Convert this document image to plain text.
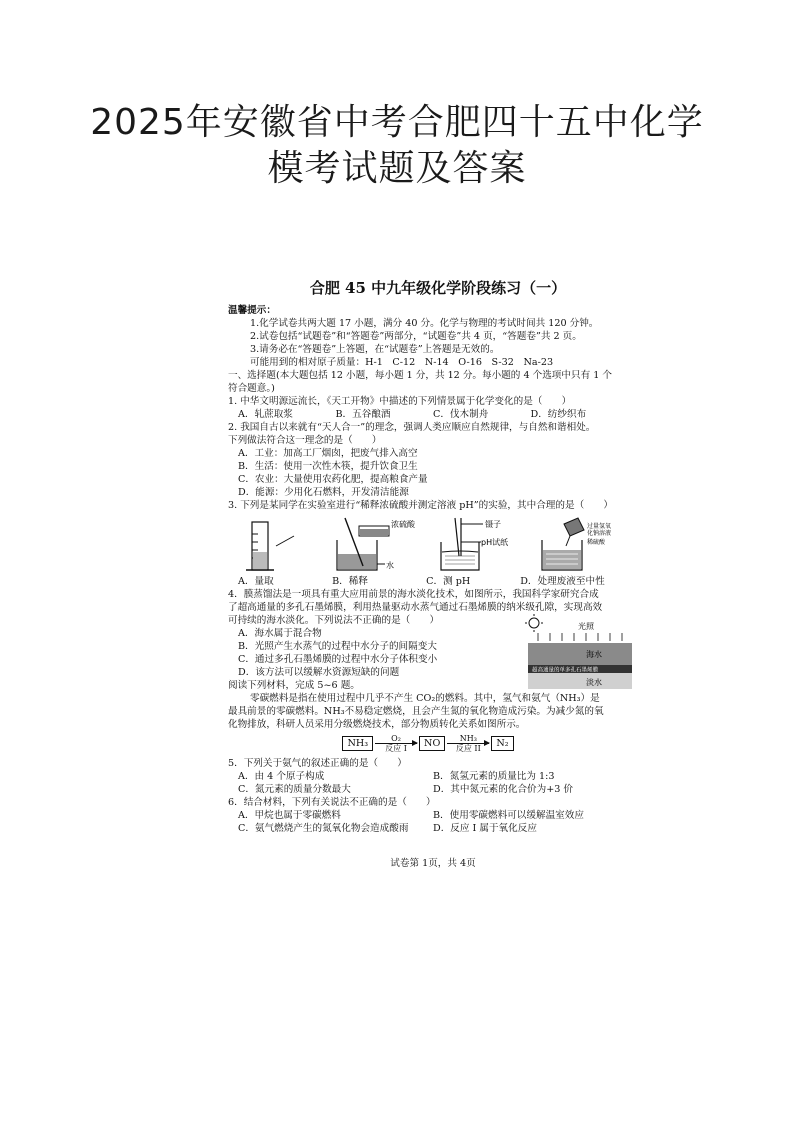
2025年安徽省中考合肥四十五中化学
模考试题及答案
合肥 45 中九年级化学阶段练习（一）
温馨提示：
1.化学试卷共两大题 17 小题，满分 40 分。化学与物理的考试时间共 120 分钟。
2.试卷包括“试题卷”和“答题卷”两部分，“试题卷”共 4 页，“答题卷”共 2 页。
3.请务必在“答题卷”上答题，在“试题卷”上答题是无效的。
可能用到的相对原子质量：H-1　C-12　N-14　O-16　S-32　Na-23
一、选择题(本大题包括 12 小题，每小题 1 分，共 12 分。每小题的 4 个选项中只有 1 个
符合题意。)
1. 中华文明源远流长，《天工开物》中描述的下列情景属于化学变化的是（　　）
A．轧蔗取浆	B．五谷酿酒	C．伐木制舟	D．纺纱织布
2. 我国自古以来就有“天人合一”的理念，强调人类应顺应自然规律，与自然和谐相处。
下列做法符合这一理念的是（　　）
A．工业：加高工厂烟囱，把废气排入高空
B．生活：使用一次性木筷，提升饮食卫生
C．农业：大量使用农药化肥，提高粮食产量
D．能源：少用化石燃料，开发清洁能源
3. 下列是某同学在实验室进行“稀释浓硫酸并测定溶液 pH”的实验，其中合理的是（　　）
浓硫酸
水
镊子
pH试纸
过量氢氧
化钠溶液
稀硫酸
A．量取	B．稀释	C．测 pH	D．处理废液至中性
4．膜蒸馏法是一项具有重大应用前景的海水淡化技术，如图所示，我国科学家研究合成
了超高通量的多孔石墨烯膜，利用热量驱动水蒸气通过石墨烯膜的纳米级孔隙，实现高效
可持续的海水淡化。下列说法不正确的是（　　）
A．海水属于混合物
B．光照产生水蒸气的过程中水分子的间隔变大
C．通过多孔石墨烯膜的过程中水分子体积变小
D．该方法可以缓解水资源短缺的问题
光照
海水
超高通量的单多孔石墨烯膜
淡水
阅读下列材料，完成 5~6 题。
零碳燃料是指在使用过程中几乎不产生 CO₂的燃料。其中，氢气和氨气（NH₃）是
最具前景的零碳燃料。NH₃不易稳定燃烧，且会产生氮的氧化物造成污染。为减少氮的氧
化物排放，科研人员采用分级燃烧技术，部分物质转化关系如图所示。
NH₃	O₂
反应 I	NO	NH₃
反应 II	N₂
5．下列关于氨气的叙述正确的是（　　）
A．由 4 个原子构成	B．氮氢元素的质量比为 1:3
C．氮元素的质量分数最大	D．其中氮元素的化合价为+3 价
6．结合材料，下列有关说法不正确的是（　　）
A．甲烷也属于零碳燃料	B．使用零碳燃料可以缓解温室效应
C．氨气燃烧产生的氮氧化物会造成酸雨	D．反应 I 属于氧化反应
试卷第 1页，共 4页
